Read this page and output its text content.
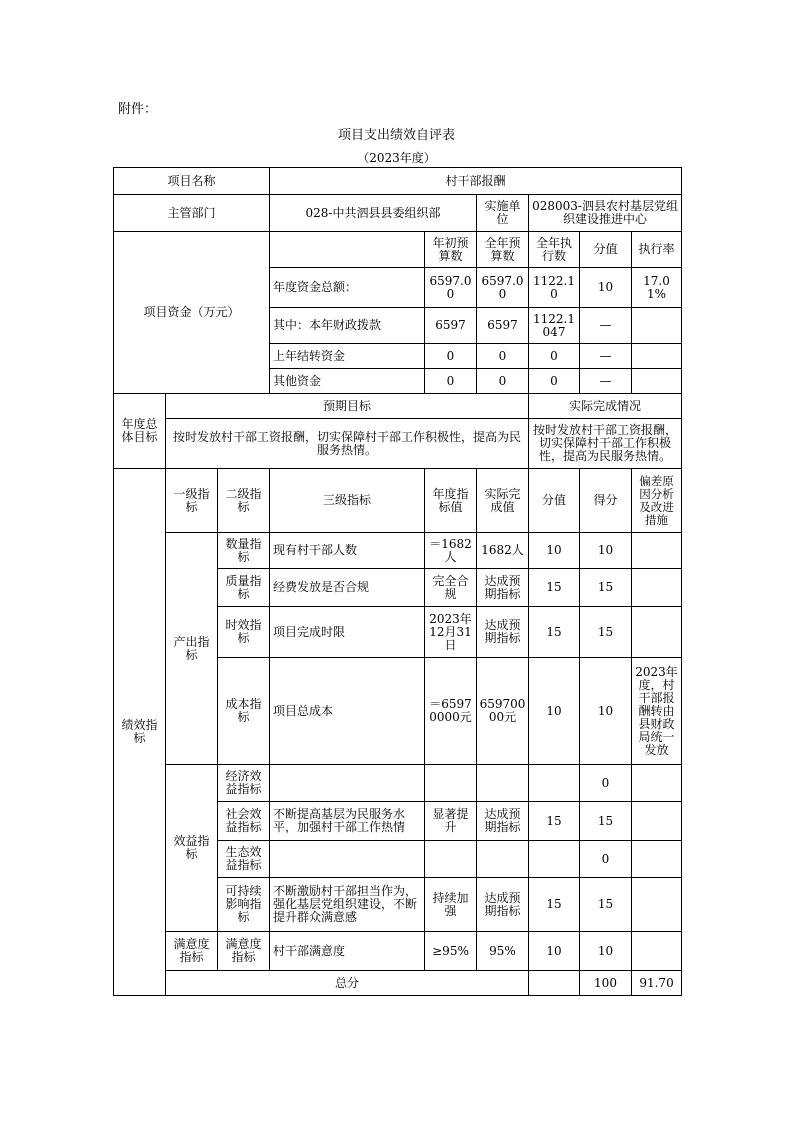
附件：
项目支出绩效自评表
（2023年度）
项目名称			村干部报酬						
主管部门			028-中共泗县县委组织部		实施单位	028003-泗县农村基层党组织建设推进中心			
项目资金（万元）				年初预算数	全年预算数	全年执行数	分值	执行率	
			年度资金总额：	6597.00	6597.00	1122.10	10	17.01%	
			其中：本年财政拨款	6597	6597	1122.1047	—		
			上年结转资金	0	0	0	—		
			其他资金	0	0	0	—		
年度总体目标	预期目标					实际完成情况			
	按时发放村干部工资报酬，切实保障村干部工作积极性，提高为民服务热情。					按时发放村干部工资报酬，切实保障村干部工作积极性，提高为民服务热情。			
绩效指标	一级指标	二级指标	三级指标	年度指标值	实际完成值	分值	得分	偏差原因分析及改进措施	
	产出指标	数量指标	现有村干部人数	＝1682人	1682人	10	10		
		质量指标	经费发放是否合规	完全合规	达成预期指标	15	15		
		时效指标	项目完成时限	2023年12月31日	达成预期指标	15	15		
		成本指标	项目总成本	＝65970000元	65970000元	10	10	2023年度，村干部报酬转由县财政局统一发放	
	效益指标	经济效益指标					0		
		社会效益指标	不断提高基层为民服务水平，加强村干部工作热情	显著提升	达成预期指标	15	15		
		生态效益指标					0		
		可持续影响指标	不断激励村干部担当作为，强化基层党组织建设，不断提升群众满意感	持续加强	达成预期指标	15	15		
	满意度指标	满意度指标	村干部满意度	≥95%	95%	10	10		
	总分						100	91.70	
